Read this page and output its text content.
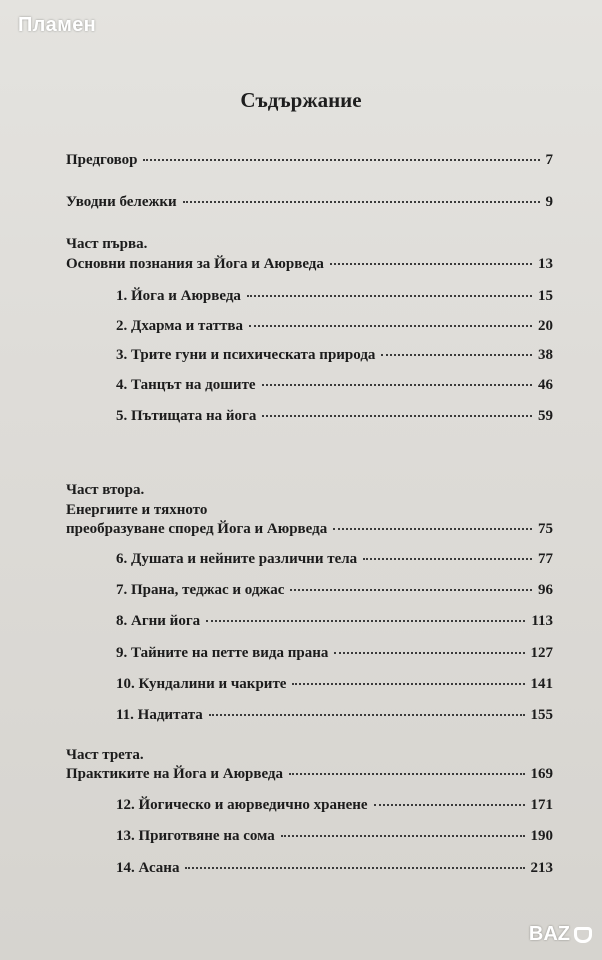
Пламен
Съдържание
Предговор	7
Уводни бележки	9
Част първа.
Основни познания за Йога и Аюрведа	13
1. Йога и Аюрведа	15
2. Дхарма и таттва	20
3. Трите гуни и психическата природа	38
4. Танцът на дошите	46
5. Пътищата на йога	59
Част втора.
Енергиите и тяхното
преобразуване според Йога и Аюрведа	75
6. Душата и нейните различни тела	77
7. Прана, теджас и оджас	96
8. Агни йога	113
9. Тайните на петте вида прана	127
10. Кундалини и чакрите	141
11. Надитата	155
Част трета.
Практиките на Йога и Аюрведа	169
12. Йогическо и аюрведично хранене	171
13. Приготвяне на сома	190
14. Асана	213
BAZ
